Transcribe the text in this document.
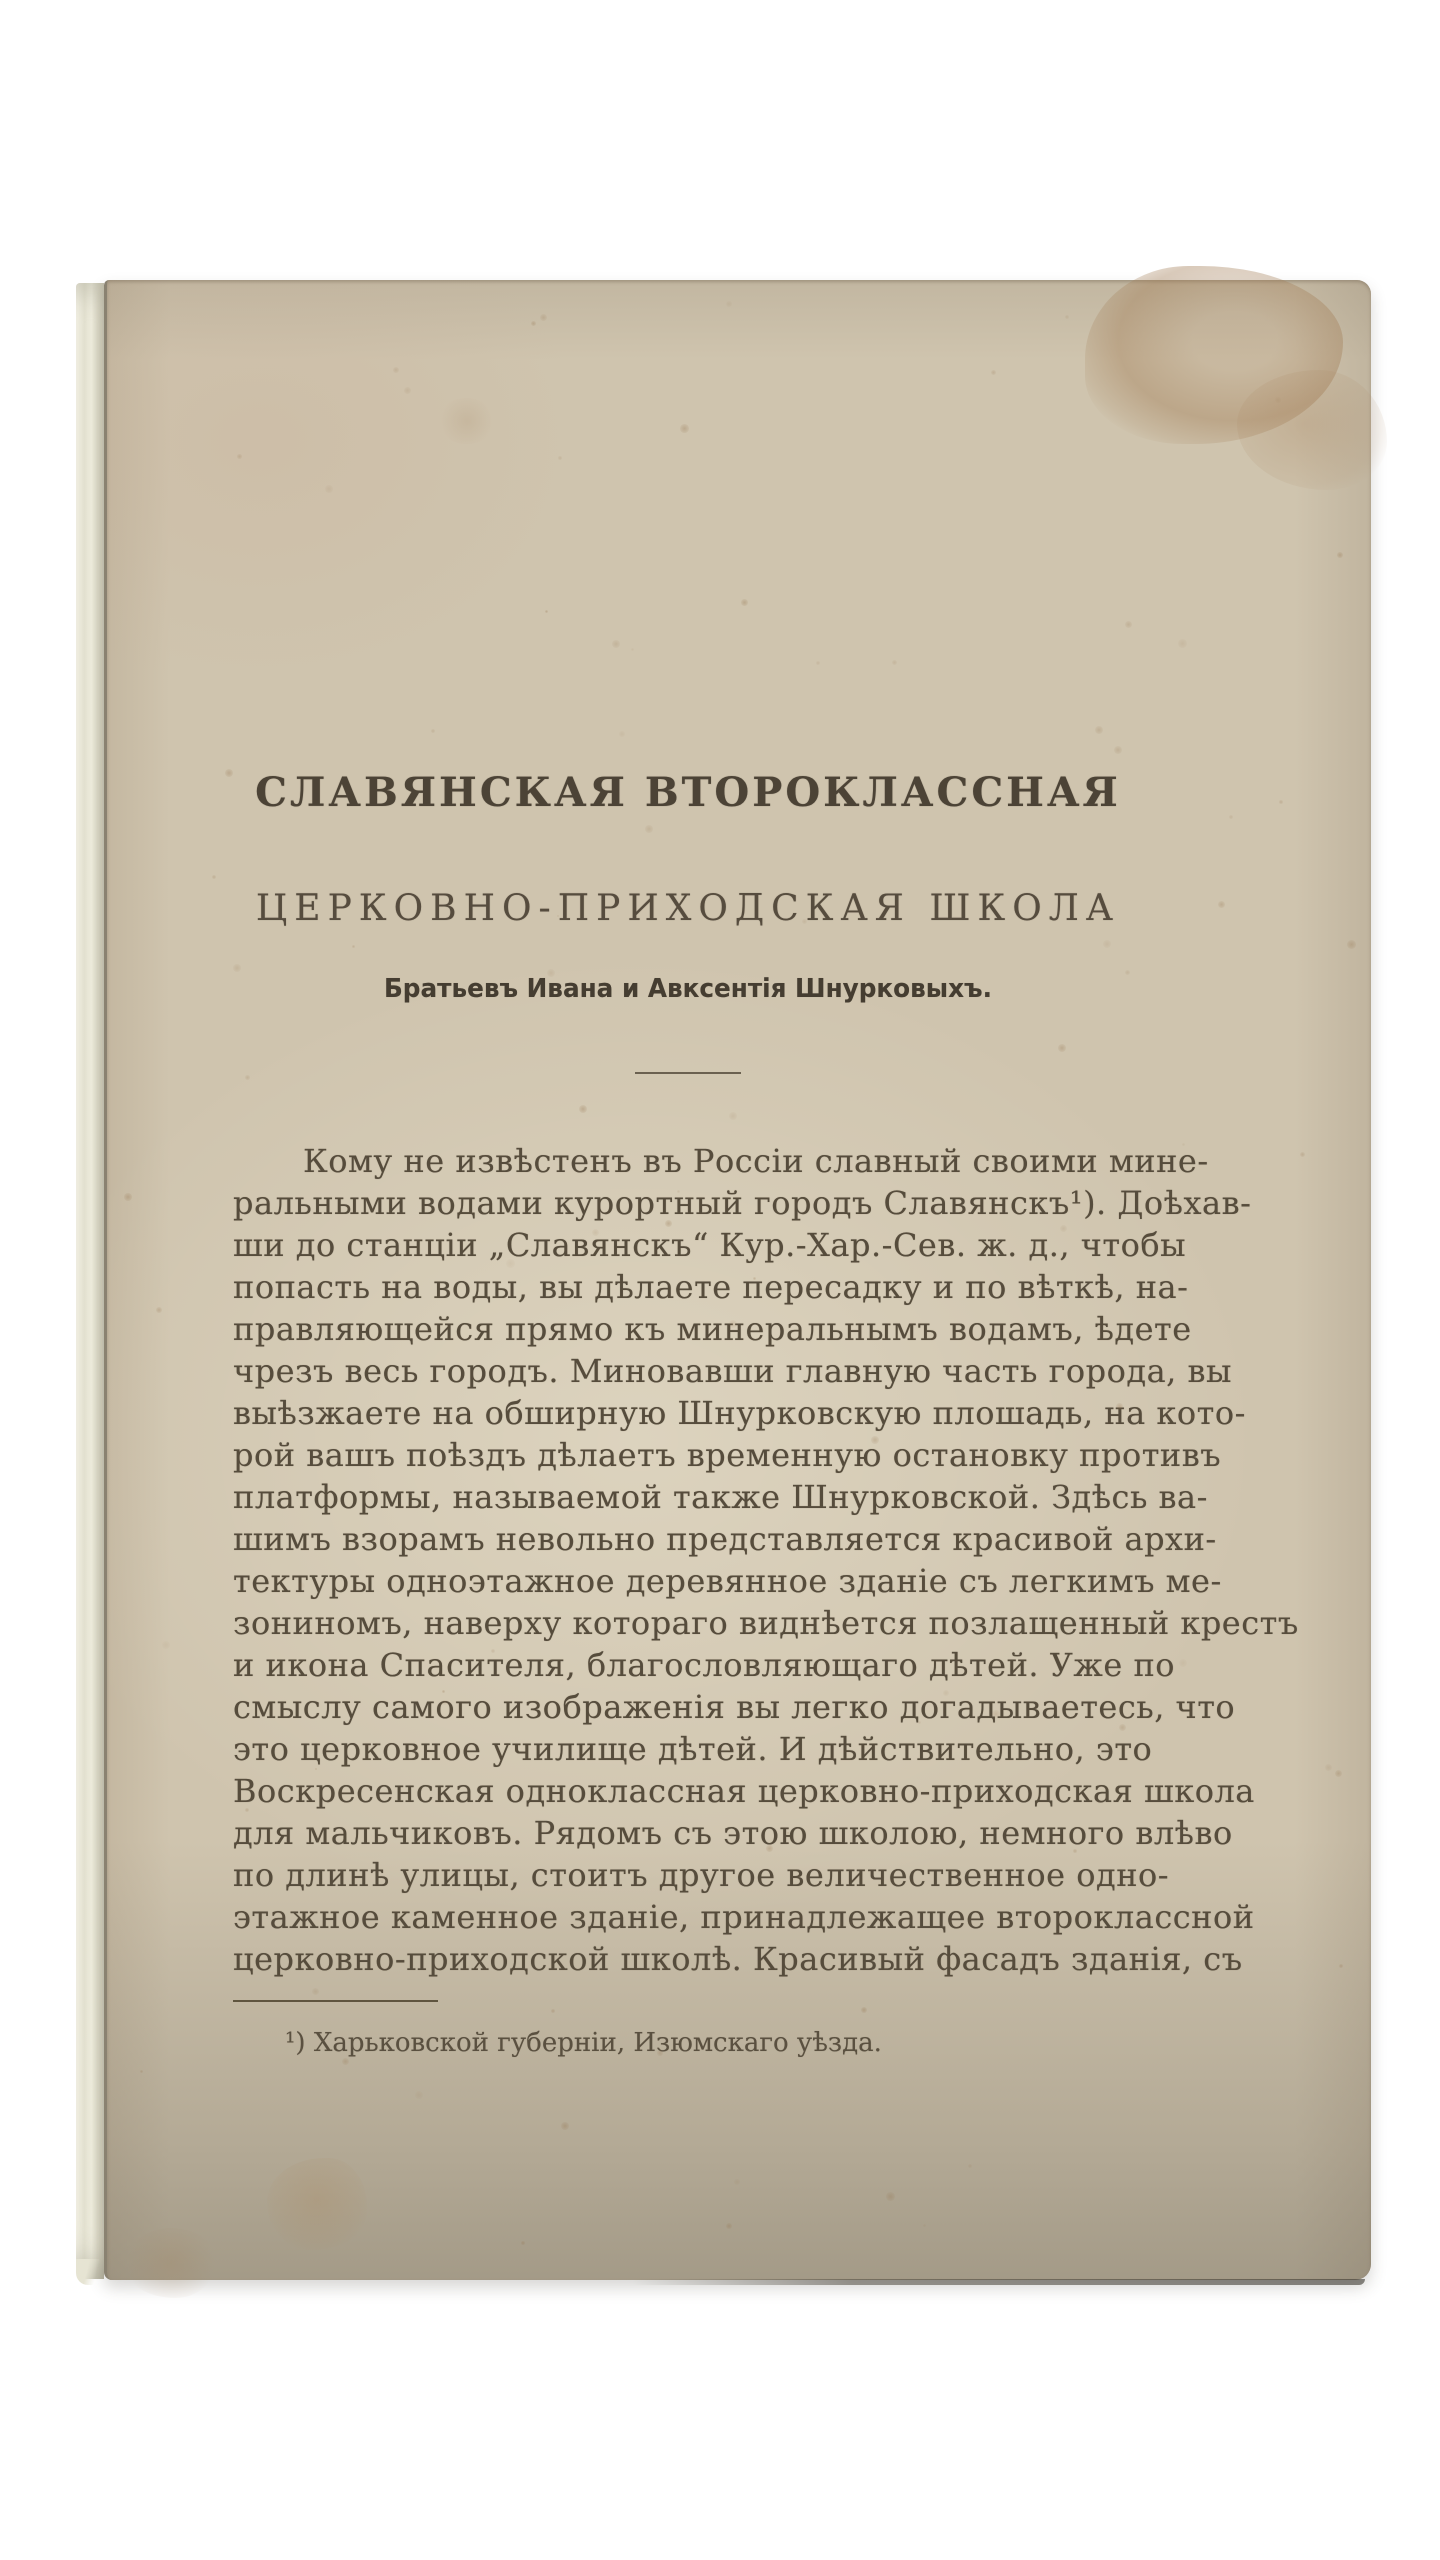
СЛАВЯНСКАЯ ВТОРОКЛАССНАЯ
ЦЕРКОВНО-ПРИХОДСКАЯ ШКОЛА
Братьевъ Ивана и Авксентія Шнурковыхъ.
Кому не извѣстенъ въ Россіи славный своими мине-
ральными водами курортный городъ Славянскъ¹). Доѣхав-
ши до станціи „Славянскъ“ Кур.-Хар.-Сев. ж. д., чтобы
попасть на воды, вы дѣлаете пересадку и по вѣткѣ, на-
правляющейся прямо къ минеральнымъ водамъ, ѣдете
чрезъ весь городъ. Миновавши главную часть города, вы
выѣзжаете на обширную Шнурковскую плошадь, на кото-
рой вашъ поѣздъ дѣлаетъ временную остановку противъ
платформы, называемой также Шнурковской. Здѣсь ва-
шимъ взорамъ невольно представляется красивой архи-
тектуры одноэтажное деревянное зданіе съ легкимъ ме-
зониномъ, наверху котораго виднѣется позлащенный крестъ
и икона Спасителя, благословляющаго дѣтей. Уже по
смыслу самого изображенія вы легко догадываетесь, что
это церковное училище дѣтей. И дѣйствительно, это
Воскресенская одноклассная церковно-приходская школа
для мальчиковъ. Рядомъ съ этою школою, немного влѣво
по длинѣ улицы, стоитъ другое величественное одно-
этажное каменное зданіе, принадлежащее второклассной
церковно-приходской школѣ. Красивый фасадъ зданія, съ
¹) Харьковской губерніи, Изюмскаго уѣзда.
